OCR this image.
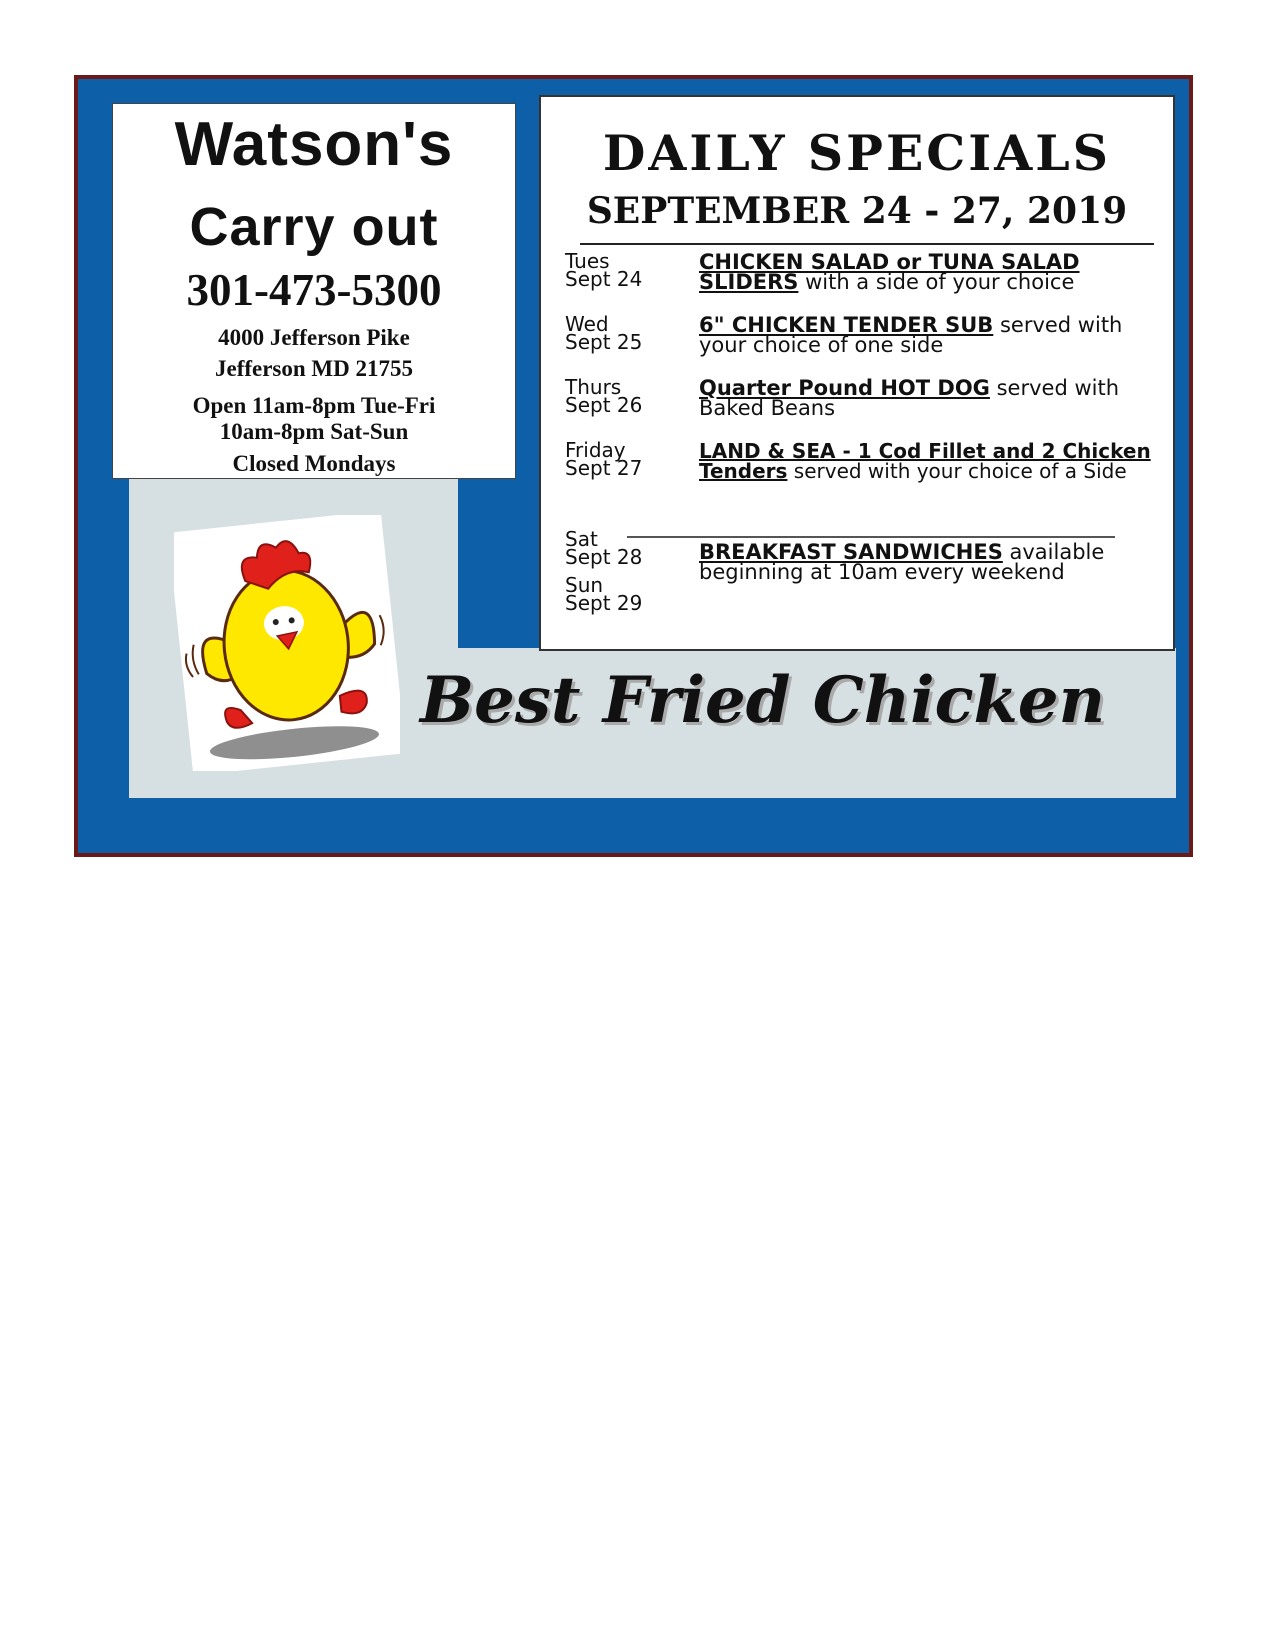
Watson's
Carry out
301-473-5300
4000 Jefferson Pike
Jefferson MD 21755
Open 11am-8pm Tue-Fri
10am-8pm Sat-Sun
Closed Mondays
DAILY SPECIALS
SEPTEMBER 24 - 27, 2019
Tues
Sept 24
CHICKEN SALAD or TUNA SALAD
SLIDERS with a side of your choice
Wed
Sept 25
6" CHICKEN TENDER SUB served with your choice of one side
Thurs
Sept 26
Quarter Pound HOT DOG served with Baked Beans
Friday
Sept 27
LAND & SEA - 1 Cod Fillet and 2 Chicken
Tenders served with your choice of a Side
Sat
Sept 28
Sun
Sept 29
BREAKFAST SANDWICHES available beginning at 10am every weekend
Best Fried Chicken
